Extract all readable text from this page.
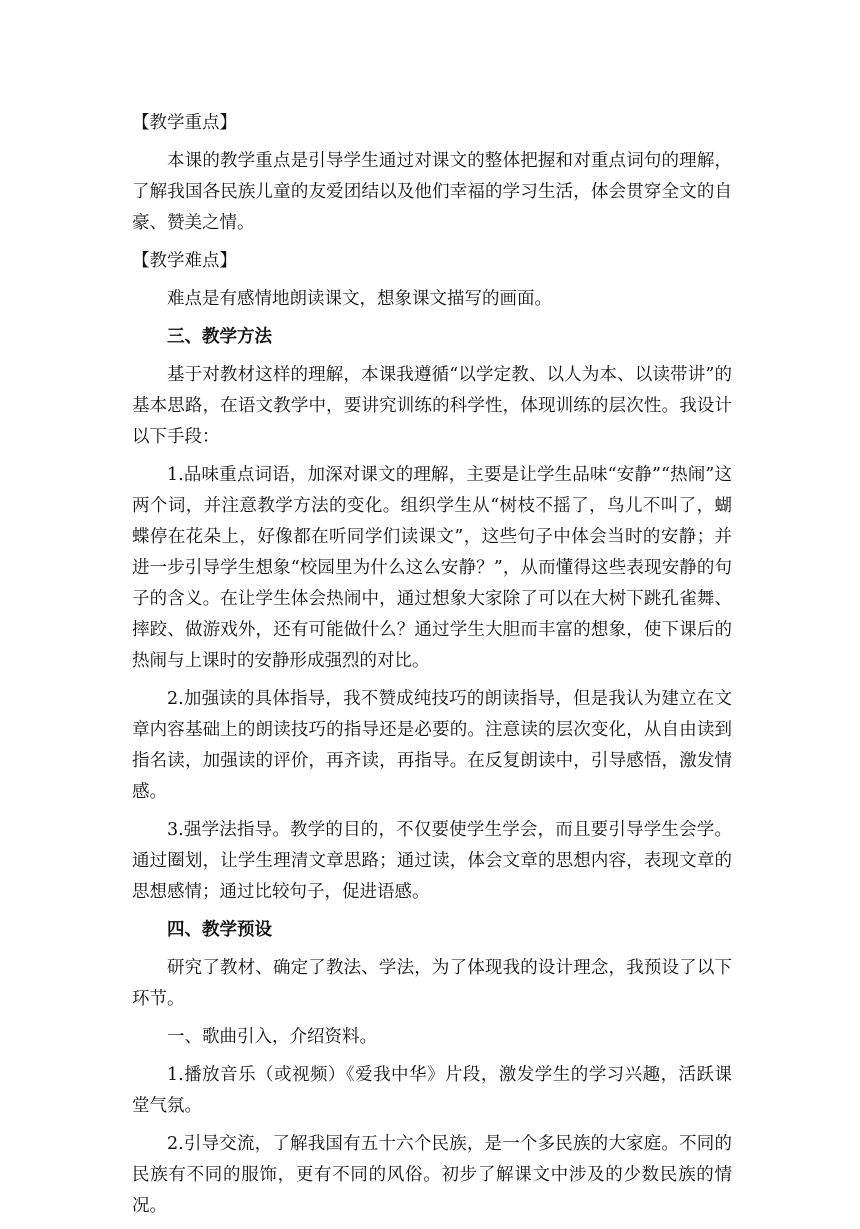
【教学重点】

本课的教学重点是引导学生通过对课文的整体把握和对重点词句的理解，了解我国各民族儿童的友爱团结以及他们幸福的学习生活，体会贯穿全文的自豪、赞美之情。

【教学难点】

难点是有感情地朗读课文，想象课文描写的画面。

三、教学方法

基于对教材这样的理解，本课我遵循“以学定教、以人为本、以读带讲”的基本思路，在语文教学中，要讲究训练的科学性，体现训练的层次性。我设计以下手段：

1.品味重点词语，加深对课文的理解，主要是让学生品味“安静”“热闹”这两个词，并注意教学方法的变化。组织学生从“树枝不摇了，鸟儿不叫了，蝴蝶停在花朵上，好像都在听同学们读课文”，这些句子中体会当时的安静；并进一步引导学生想象“校园里为什么这么安静？”，从而懂得这些表现安静的句子的含义。在让学生体会热闹中，通过想象大家除了可以在大树下跳孔雀舞、摔跤、做游戏外，还有可能做什么？通过学生大胆而丰富的想象，使下课后的热闹与上课时的安静形成强烈的对比。

2.加强读的具体指导，我不赞成纯技巧的朗读指导，但是我认为建立在文章内容基础上的朗读技巧的指导还是必要的。注意读的层次变化，从自由读到指名读，加强读的评价，再齐读，再指导。在反复朗读中，引导感悟，激发情感。

3.强学法指导。教学的目的，不仅要使学生学会，而且要引导学生会学。通过圈划，让学生理清文章思路；通过读，体会文章的思想内容，表现文章的思想感情；通过比较句子，促进语感。

四、教学预设

研究了教材、确定了教法、学法，为了体现我的设计理念，我预设了以下环节。

一、歌曲引入，介绍资料。

1.播放音乐（或视频）《爱我中华》片段，激发学生的学习兴趣，活跃课堂气氛。

2.引导交流，了解我国有五十六个民族，是一个多民族的大家庭。不同的民族有不同的服饰，更有不同的风俗。初步了解课文中涉及的少数民族的情况。
